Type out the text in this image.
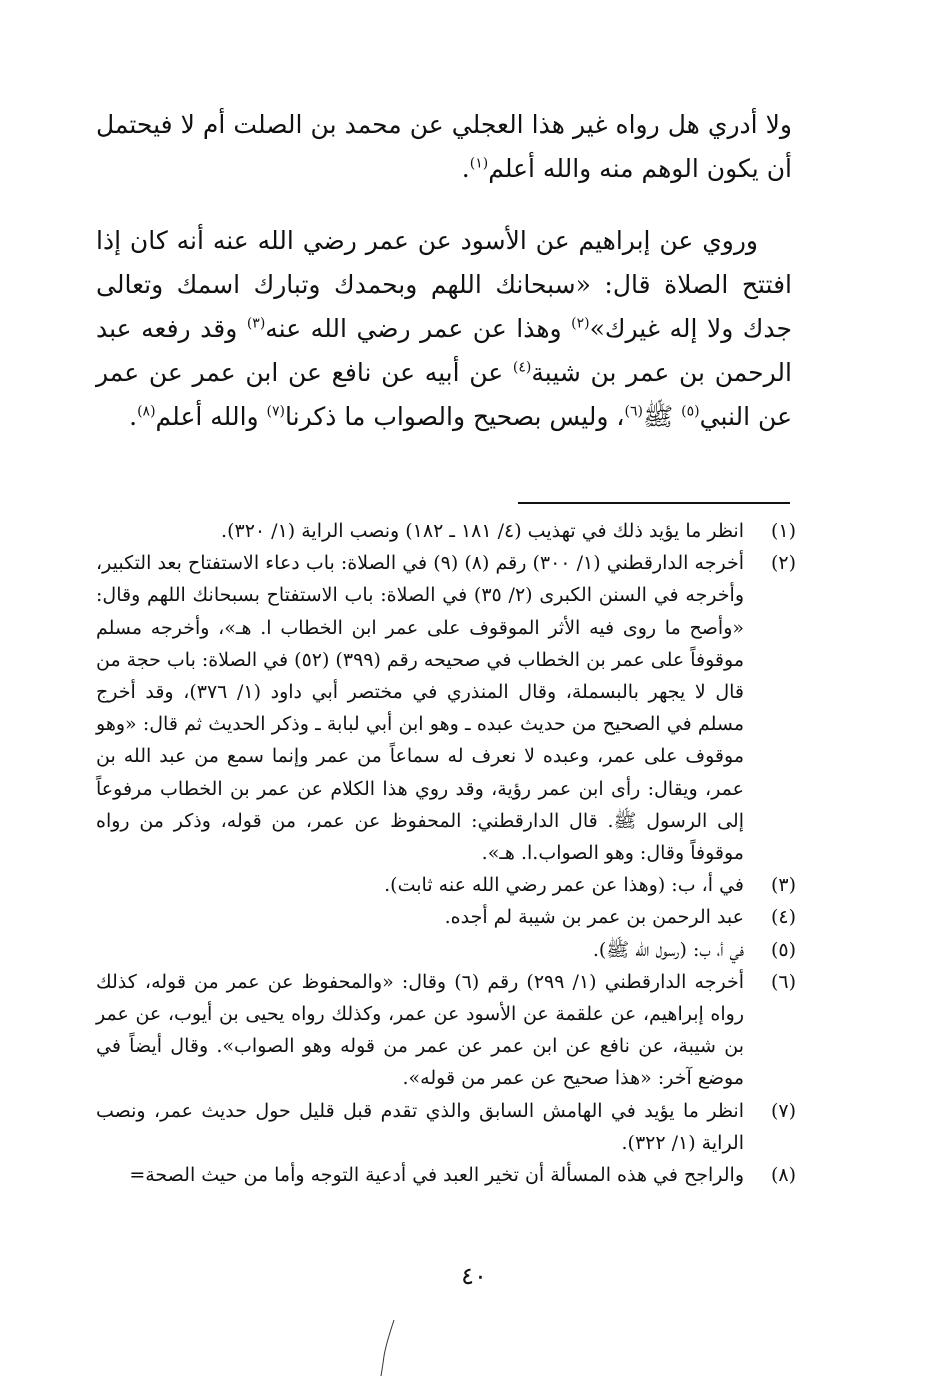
ولا أدري هل رواه غير هذا العجلي عن محمد بن الصلت أم لا فيحتمل أن يكون الوهم منه والله أعلم$^{(١)}$.

وروي عن إبراهيم عن الأسود عن عمر رضي الله عنه أنه كان إذا افتتح الصلاة قال: «سبحانك اللهم وبحمدك وتبارك اسمك وتعالى جدك ولا إله غيرك»$^{(٢)}$ وهذا عن عمر رضي الله عنه$^{(٣)}$ وقد رفعه عبد الرحمن بن عمر بن شيبة$^{(٤)}$ عن أبيه عن نافع عن ابن عمر عن عمر عن النبي$^{(٥)}$ ﷺ$^{(٦)}$، وليس بصحيح والصواب ما ذكرنا$^{(٧)}$ والله أعلم$^{(٨)}$.

(١)
انظر ما يؤيد ذلك في تهذيب (٤/ ١٨١ ـ ١٨٢) ونصب الراية (١/ ٣٢٠).
(٢)
أخرجه الدارقطني (١/ ٣٠٠) رقم (٨) (٩) في الصلاة: باب دعاء الاستفتاح بعد التكبير، وأخرجه في السنن الكبرى (٢/ ٣٥) في الصلاة: باب الاستفتاح بسبحانك اللهم وقال: «وأصح ما روى فيه الأثر الموقوف على عمر ابن الخطاب ا. هـ»، وأخرجه مسلم موقوفاً على عمر بن الخطاب في صحيحه رقم (٣٩٩) (٥٢) في الصلاة: باب حجة من قال لا يجهر بالبسملة، وقال المنذري في مختصر أبي داود (١/ ٣٧٦)، وقد أخرج مسلم في الصحيح من حديث عبده ـ وهو ابن أبي لبابة ـ وذكر الحديث ثم قال: «وهو موقوف على عمر، وعبده لا نعرف له سماعاً من عمر وإنما سمع من عبد الله بن عمر، ويقال: رأى ابن عمر رؤية، وقد روي هذا الكلام عن عمر بن الخطاب مرفوعاً إلى الرسول ﷺ. قال الدارقطني: المحفوظ عن عمر، من قوله، وذكر من رواه موقوفاً وقال: وهو الصواب.ا. هـ».
(٣)
في أ، ب: (وهذا عن عمر رضي الله عنه ثابت).
(٤)
عبد الرحمن بن عمر بن شيبة لم أجده.
(٥)
في أ، ب: (رسول الله ﷺ).
(٦)
أخرجه الدارقطني (١/ ٢٩٩) رقم (٦) وقال: «والمحفوظ عن عمر من قوله، كذلك رواه إبراهيم، عن علقمة عن الأسود عن عمر، وكذلك رواه يحيى بن أيوب، عن عمر بن شيبة، عن نافع عن ابن عمر عن عمر من قوله وهو الصواب». وقال أيضاً في موضع آخر: «هذا صحيح عن عمر من قوله».
(٧)
انظر ما يؤيد في الهامش السابق والذي تقدم قبل قليل حول حديث عمر، ونصب الراية (١/ ٣٢٢).
(٨)
والراجح في هذه المسألة أن تخير العبد في أدعية التوجه وأما من حيث الصحة=
٤٠
